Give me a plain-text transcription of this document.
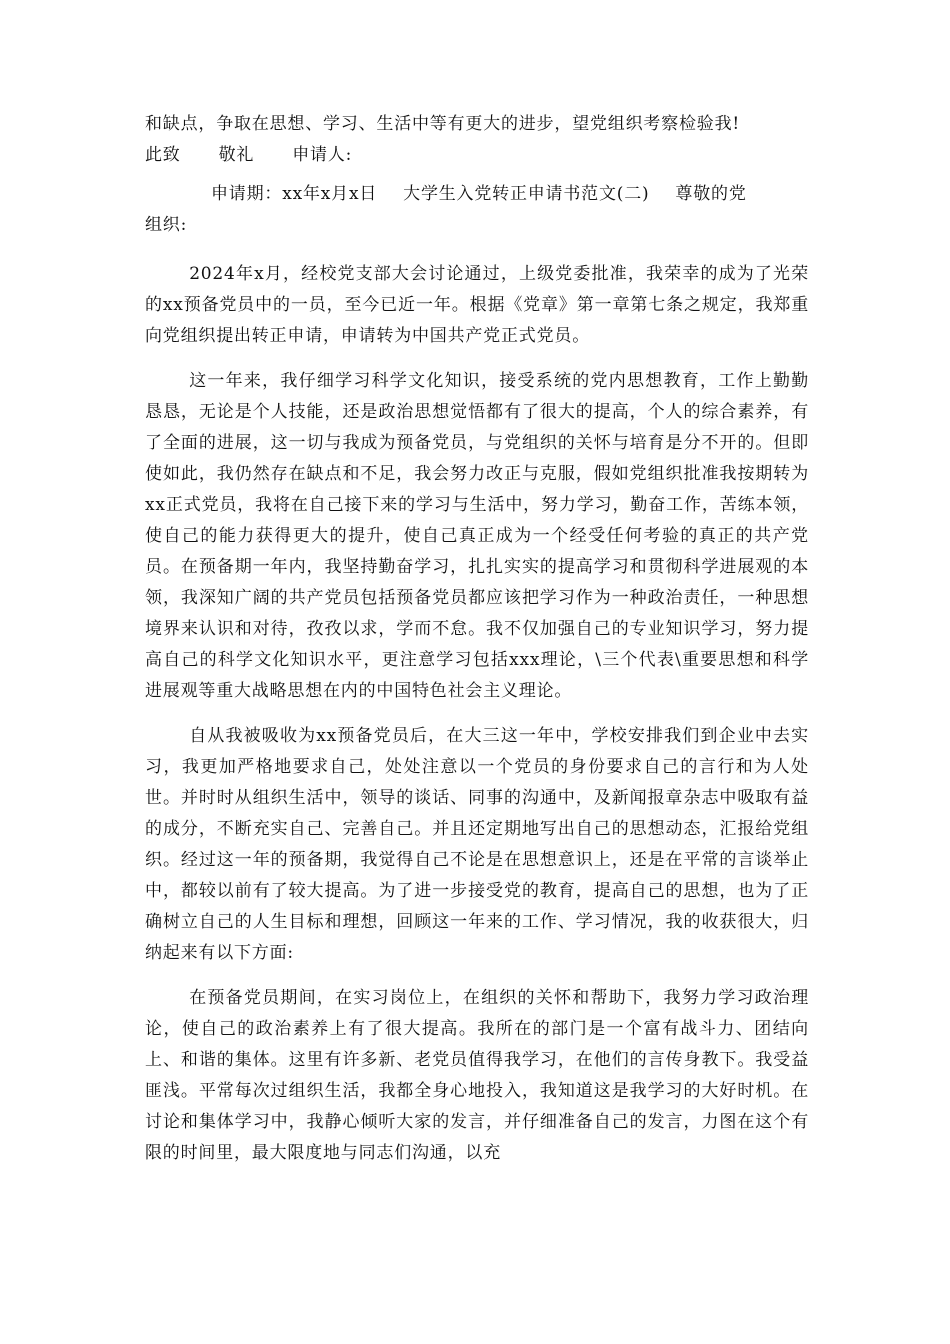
和缺点，争取在思想、学习、生活中等有更大的进步，望党组织考察检验我!

此致 敬礼 申请人:

申请期：xx年x月x日 大学生入党转正申请书范文(二) 尊敬的党

组织:

2024年x月，经校党支部大会讨论通过，上级党委批准，我荣幸的成为了光荣的xx预备党员中的一员，至今已近一年。根据《党章》第一章第七条之规定，我郑重向党组织提出转正申请，申请转为中国共产党正式党员。

这一年来，我仔细学习科学文化知识，接受系统的党内思想教育，工作上勤勤恳恳，无论是个人技能，还是政治思想觉悟都有了很大的提高，个人的综合素养，有了全面的进展，这一切与我成为预备党员，与党组织的关怀与培育是分不开的。但即使如此，我仍然存在缺点和不足，我会努力改正与克服，假如党组织批准我按期转为xx正式党员，我将在自己接下来的学习与生活中，努力学习，勤奋工作，苦练本领，使自己的能力获得更大的提升，使自己真正成为一个经受任何考验的真正的共产党员。在预备期一年内，我坚持勤奋学习，扎扎实实的提高学习和贯彻科学进展观的本领，我深知广阔的共产党员包括预备党员都应该把学习作为一种政治责任，一种思想境界来认识和对待，孜孜以求，学而不怠。我不仅加强自己的专业知识学习，努力提高自己的科学文化知识水平，更注意学习包括xxx理论，\三个代表\重要思想和科学进展观等重大战略思想在内的中国特色社会主义理论。

自从我被吸收为xx预备党员后，在大三这一年中，学校安排我们到企业中去实习，我更加严格地要求自己，处处注意以一个党员的身份要求自己的言行和为人处世。并时时从组织生活中，领导的谈话、同事的沟通中，及新闻报章杂志中吸取有益的成分，不断充实自己、完善自己。并且还定期地写出自己的思想动态，汇报给党组织。经过这一年的预备期，我觉得自己不论是在思想意识上，还是在平常的言谈举止中，都较以前有了较大提高。为了进一步接受党的教育，提高自己的思想，也为了正确树立自己的人生目标和理想，回顾这一年来的工作、学习情况，我的收获很大，归纳起来有以下方面:

在预备党员期间，在实习岗位上，在组织的关怀和帮助下，我努力学习政治理论，使自己的政治素养上有了很大提高。我所在的部门是一个富有战斗力、团结向上、和谐的集体。这里有许多新、老党员值得我学习，在他们的言传身教下。我受益匪浅。平常每次过组织生活，我都全身心地投入，我知道这是我学习的大好时机。在讨论和集体学习中，我静心倾听大家的发言，并仔细准备自己的发言，力图在这个有限的时间里，最大限度地与同志们沟通，以充
